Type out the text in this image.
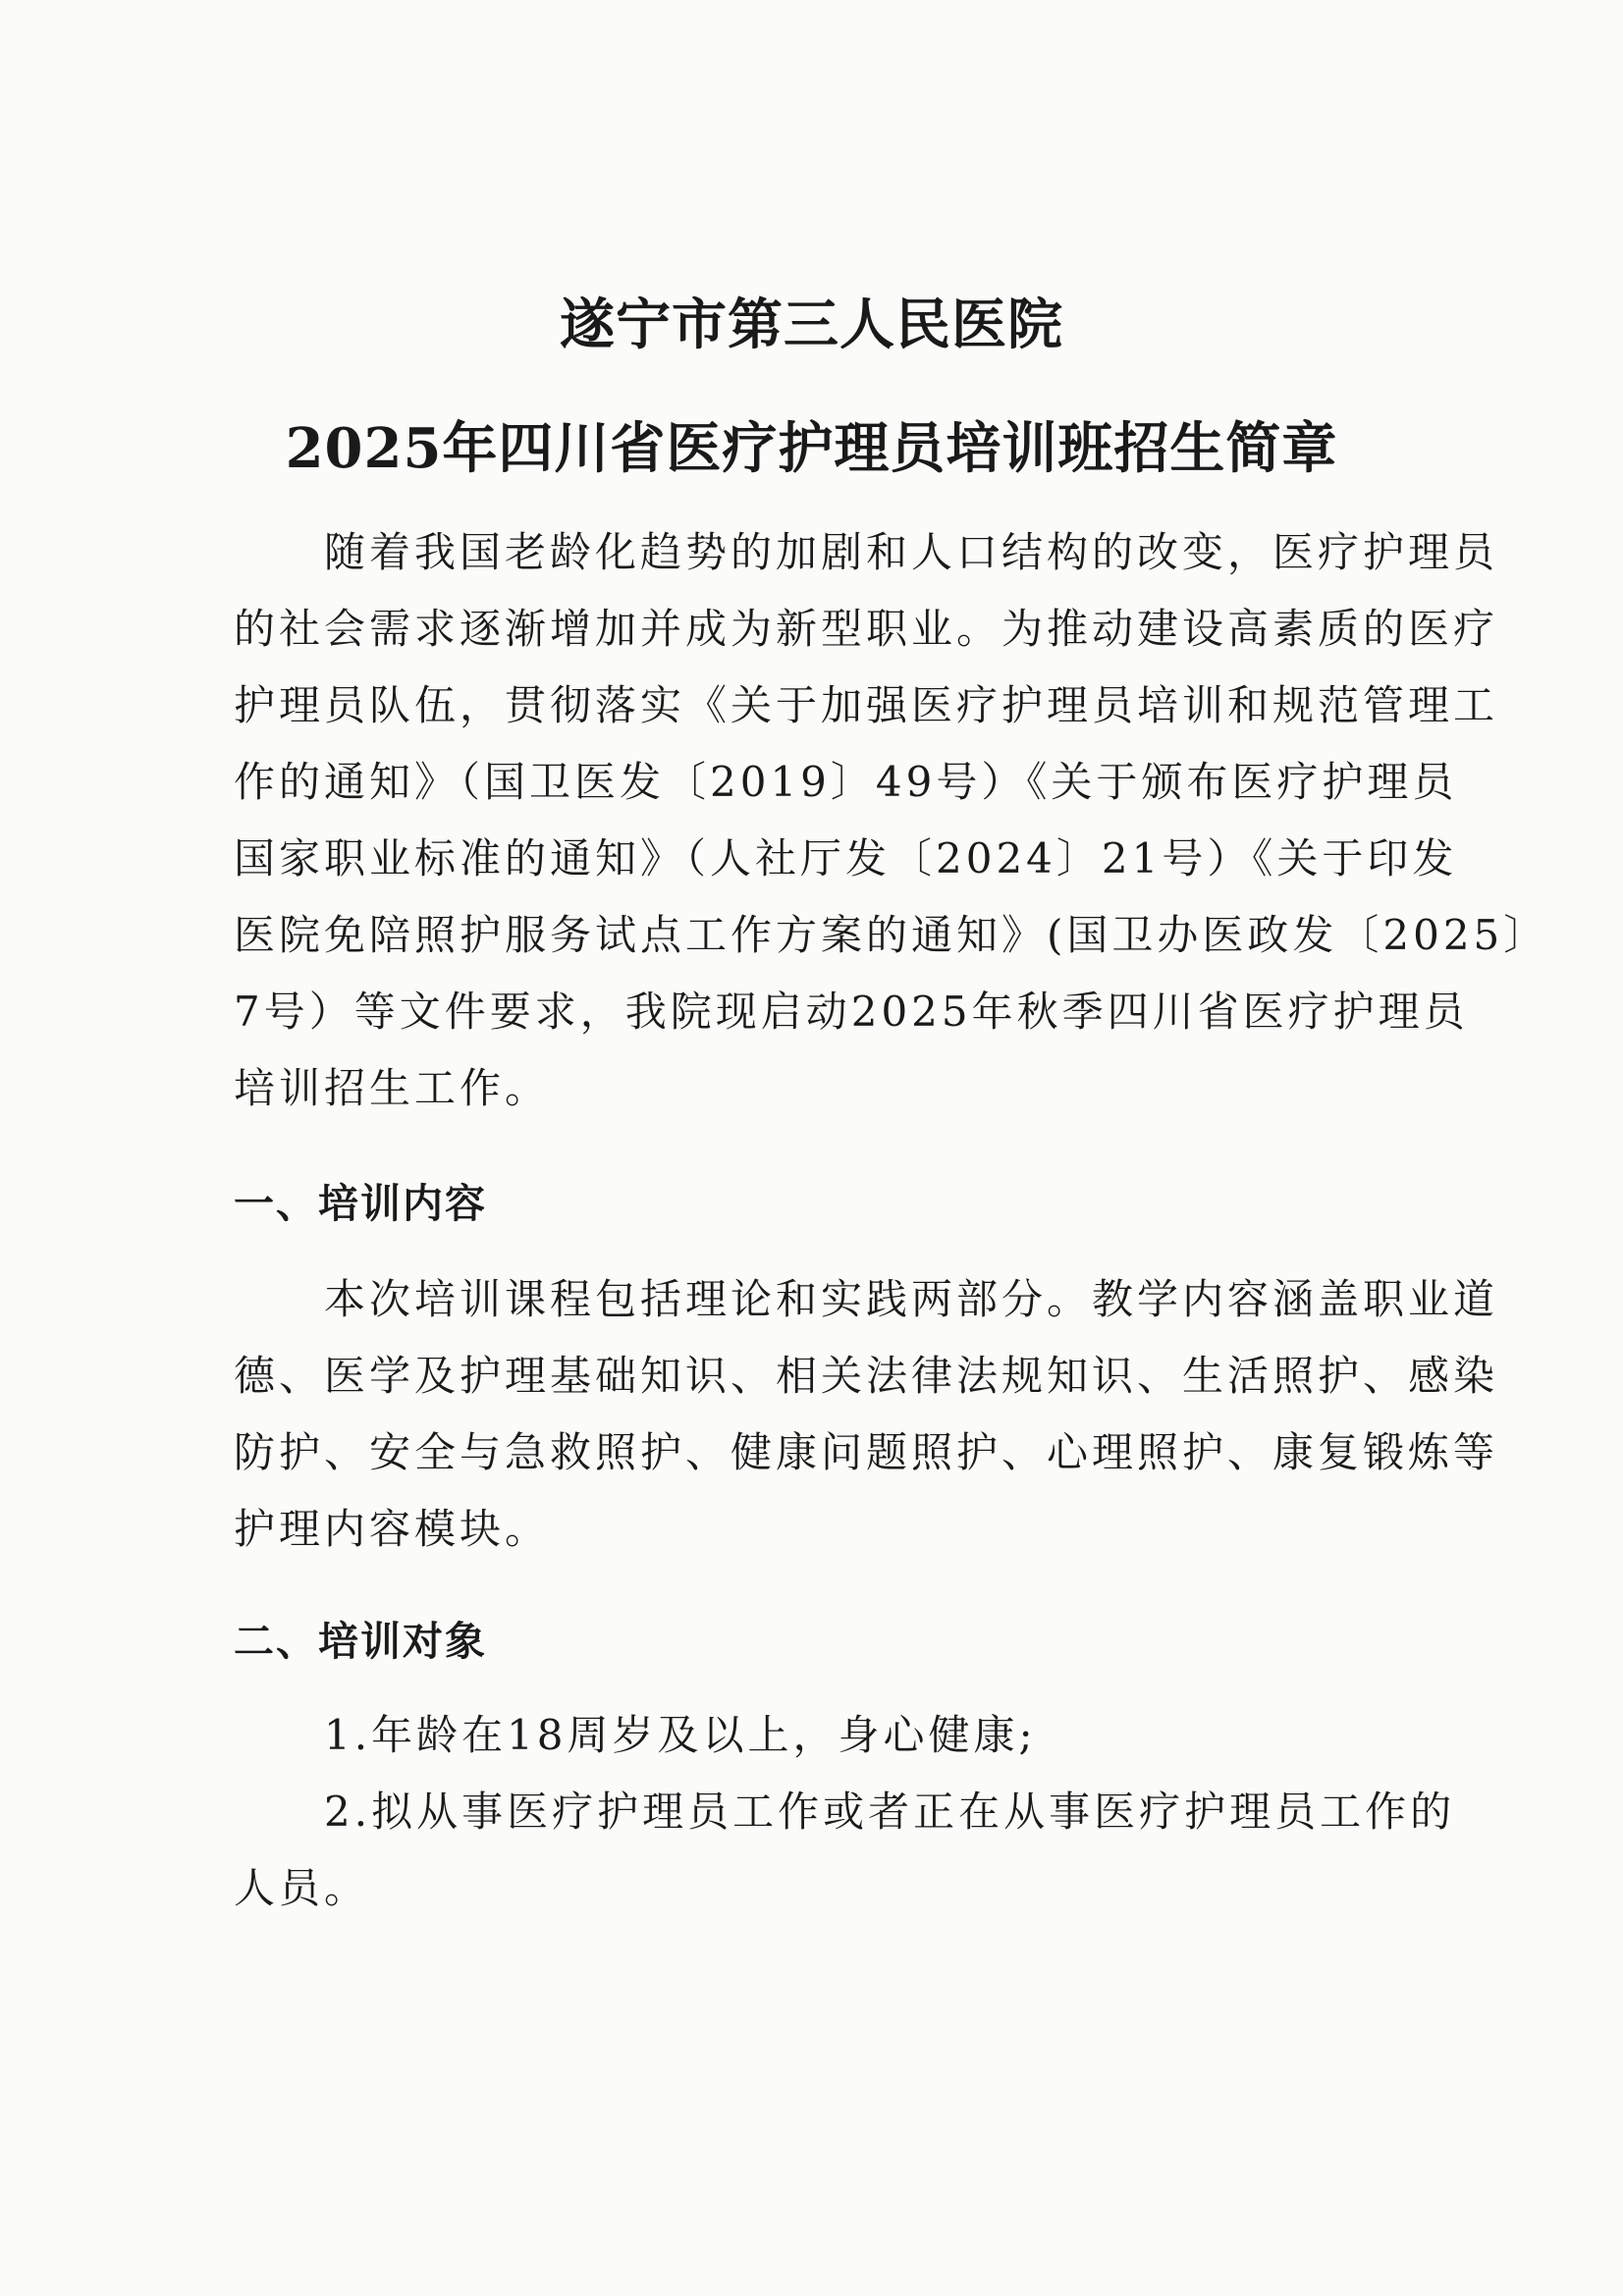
遂宁市第三人民医院
2025年四川省医疗护理员培训班招生简章
　　随着我国老龄化趋势的加剧和人口结构的改变，医疗护理员
的社会需求逐渐增加并成为新型职业。为推动建设高素质的医疗
护理员队伍，贯彻落实《关于加强医疗护理员培训和规范管理工
作的通知》（国卫医发〔2019〕49号）《关于颁布医疗护理员
国家职业标准的通知》（人社厅发〔2024〕21号）《关于印发
医院免陪照护服务试点工作方案的通知》(国卫办医政发〔2025〕
7号）等文件要求，我院现启动2025年秋季四川省医疗护理员
培训招生工作。
一、培训内容
　　本次培训课程包括理论和实践两部分。教学内容涵盖职业道
德、医学及护理基础知识、相关法律法规知识、生活照护、感染
防护、安全与急救照护、健康问题照护、心理照护、康复锻炼等
护理内容模块。
二、培训对象
　　1.年龄在18周岁及以上，身心健康;
　　2.拟从事医疗护理员工作或者正在从事医疗护理员工作的
人员。
